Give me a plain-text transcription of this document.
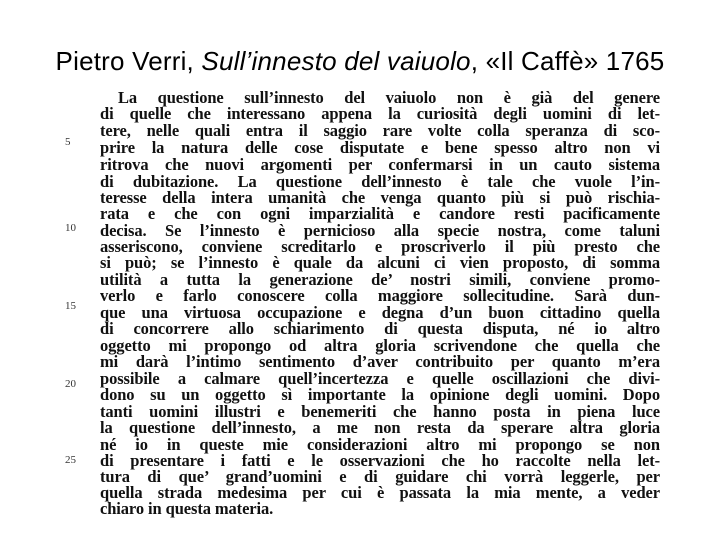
Pietro Verri, Sull’innesto del vaiuolo, «Il Caffè» 1765
5
10
15
20
25
La questione sull’innesto del vaiuolo non è già del genere
di quelle che interessano appena la curiosità degli uomini di let-
tere, nelle quali entra il saggio rare volte colla speranza di sco-
prire la natura delle cose disputate e bene spesso altro non vi
ritrova che nuovi argomenti per confermarsi in un cauto sistema
di dubitazione. La questione dell’innesto è tale che vuole l’in-
teresse della intera umanità che venga quanto più si può rischia-
rata e che con ogni imparzialità e candore resti pacificamente
decisa. Se l’innesto è pernicioso alla specie nostra, come taluni
asseriscono, conviene screditarlo e proscriverlo il più presto che
si può; se l’innesto è quale da alcuni ci vien proposto, di somma
utilità a tutta la generazione de’ nostri simili, conviene promo-
verlo e farlo conoscere colla maggiore sollecitudine. Sarà dun-
que una virtuosa occupazione e degna d’un buon cittadino quella
di concorrere allo schiarimento di questa disputa, né io altro
oggetto mi propongo od altra gloria scrivendone che quella che
mi darà l’intimo sentimento d’aver contribuito per quanto m’era
possibile a calmare quell’incertezza e quelle oscillazioni che divi-
dono su un oggetto sì importante la opinione degli uomini. Dopo
tanti uomini illustri e benemeriti che hanno posta in piena luce
la questione dell’innesto, a me non resta da sperare altra gloria
né io in queste mie considerazioni altro mi propongo se non
di presentare i fatti e le osservazioni che ho raccolte nella let-
tura di que’ grand’uomini e di guidare chi vorrà leggerle, per
quella strada medesima per cui è passata la mia mente, a veder
chiaro in questa materia.
